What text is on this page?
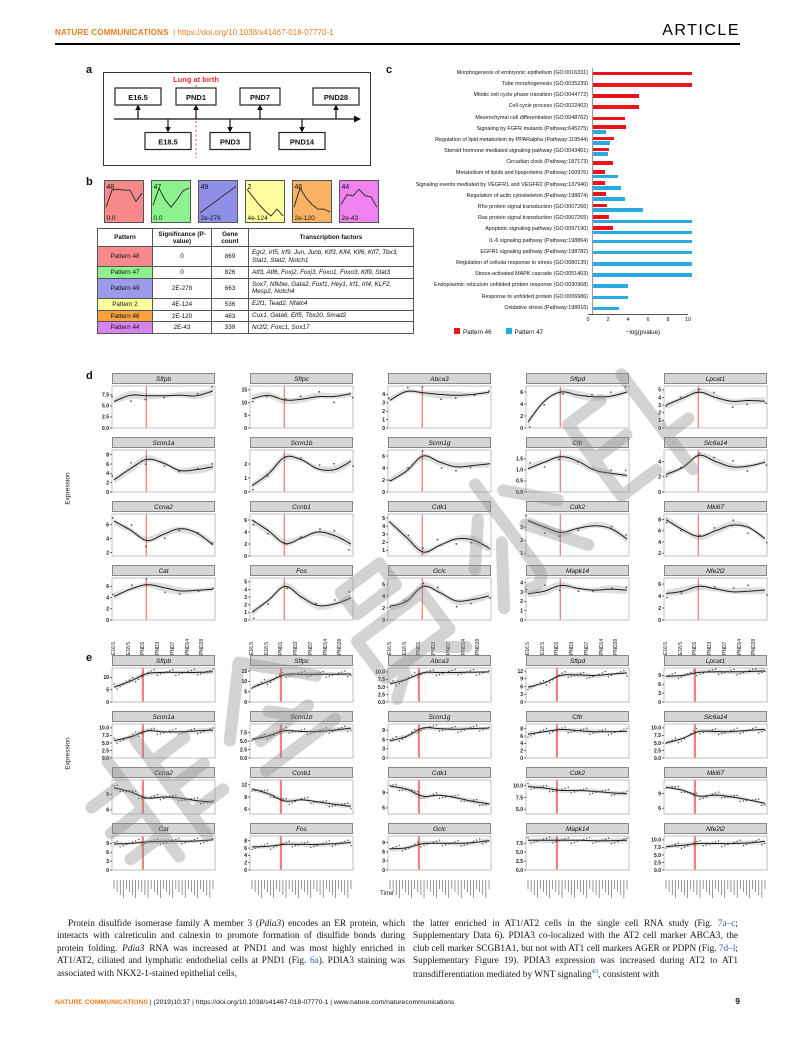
NATURE COMMUNICATIONS | https://doi.org/10.1038/s41467-018-07770-1	ARTICLE
a
Lung at birth
E16.5	PND1	PND7	PND28
E18.5	PND3	PND14
b 48
0.0
47
0.0
49
2e-278
2
4e-124
46
2e-120
44
2e-43
Pattern	Significance (P-value)	Gene count	Transcription factors
Pattern 48	0	869	Egr2, Irf5, Irf9, Jun, Junb, Klf3, Klf4, Klf6, Klf7, Tbx3, Stat1, Stat2, Notch1
Pattern 47	0	826	Atf3, Atf6, Foxj2, Foxj3, Foxo1, Foxo3, Klf9, Stat3
Pattern 49	2E-278	663	Sox7, Nfkbie, Gata2, Foxf1, Hey1, Irf1, Irf4, KLF2, Mesp2, Notch4
Pattern 2	4E-124	536	E2f1, Tead2, Nfatc4
Pattern 46	2E-120	483	Cux1, Gata6, Elf5, Tbx20, Smad2
Pattern 44	2E-43	339	Nr2f2, Foxc1, Sox17
c	Morphogenesis of embryonic epithelium (GO:0016331)
Tube morphogenesis (GO:0035239)
Mitotic cell cycle phase transition (GO:0044772)
Cell cycle process (GO:0022402)
Mesenchymal cell differentiation (GO:0048762)
Signaling by FGFR mutants (Pathway:645275)
Regulation of lipid metabolism by PPARalpha (Pathway:119544)
Steroid hormone mediated signaling pathway (GO:0043401)
Circadian clock (Pathway:187173)
Metabolism of lipids and lipoproteins (Pathway:160976)
Signaling events mediated by VEGFR1 and VEGFR2 (Pathway:137940)
Regulation of actin cytoskeleton (Pathway:198874)
Rho protein signal transduction (GO:0007266)
Ras protein signal transduction (GO:0007265)
Apoptotic signaling pathway (GO:0097190)
IL-6 signaling pathway (Pathway:198864)
EGFR1 signaling pathway (Pathway:198782)
Regulation of cellular response to stress (GO:0080135)
Stress-activated MAPK cascade (GO:0051403)
Endoplasmic reticulum unfolded protein response (GO:0030968)
Response to unfolded protein (GO:0006986)
Oxidative stress (Pathway:198916)
0	2	4	6	8	10
Pattern 46	Pattern 47	−log(pvalue)
d
Expression
Sftpb
0.0
2.5
5.0
7.5
Sftpc
0
5
10
15
Abca3
0
1
2
3
4
Sftpd
0
2
4
6
Lpcat1
0
1
2
3
4
5
Scnn1a
0
2
4
6
8
Scnn1b
0
1
2
Scnn1g
0
2
4
6
Cftr
0.0
0.5
1.0
1.5
Slc6a14
0
2
4
Ccna2
2
4
6
Ccnb1
0
2
4
6
Cdk1
1
2
3
4
5
Cdk2
1
2
3
Mki67
2
4
6
8
Cat
0
2
4
6
Fos
0
1
2
3
4
5
Gclc
0
2
4
6
Mapk14
0
1
2
3
4
Nfe2l2
0
2
4
6
E16.5	E18.5	PND1	PND3	PND7	PND14	PND28	E16.5	E18.5	PND1	PND3	PND7	PND14	PND28	E16.5	E18.5	PND1	PND3	PND7	PND14	PND28	E16.5	E18.5	PND1	PND3	PND7	PND14	PND28	E16.5	E18.5	PND1	PND3	PND7	PND14	PND28
e
Expression
Sftpb
0
5
10
Sftpc
0
5
10
15
Abca3
0.0
2.5
5.0
7.5
10.0
Sftpd
0
3
6
9
12
Lpcat1
0
3
6
9
Scnn1a
0.0
2.5
5.0
7.5
10.0
Scnn1b
0.0
2.5
5.0
7.5
Scnn1g
0
3
6
9
Cftr
0
2
4
6
8
Slc6a14
0.0
2.5
5.0
7.5
10.0
Ccna2
6
9
Ccnb1
6
9
12
Cdk1
6
9
Cdk2
5.0
7.5
10.0
Mki67
6
9
Cat
0
3
6
9
Fos
0
2
4
6
8
Gclc
0
3
6
9
Mapk14
0.0
2.5
5.0
7.5
Nfe2l2
0.0
2.5
5.0
7.5
10.0
Time
Protein disulfide isomerase family A member 3 (Pdia3) encodes an ER protein, which interacts with calreticulin and calnexin to promote formation of disulfide bonds during protein folding. Pdia3 RNA was increased at PND1 and was most highly enriched in AT1/AT2, ciliated and lymphatic endothelial cells at PND1 (Fig. 6a). PDIA3 staining was associated with NKX2-1-stained epithelial cells,
the latter enriched in AT1/AT2 cells in the single cell RNA study (Fig. 7a–c; Supplementary Data 6). PDIA3 co-localized with the AT2 cell marker ABCA3, the club cell marker SCGB1A1, but not with AT1 cell markers AGER or PDPN (Fig. 7d–l; Supplementary Figure 19). PDIA3 expression was increased during AT2 to AT1 transdifferentiation mediated by WNT signaling$^{43}$, consistent with
NATURE COMMUNICATIONS | (2019)10:37 | https://doi.org/10.1038/s41467-018-07770-1 | www.nature.com/naturecommunications	9
